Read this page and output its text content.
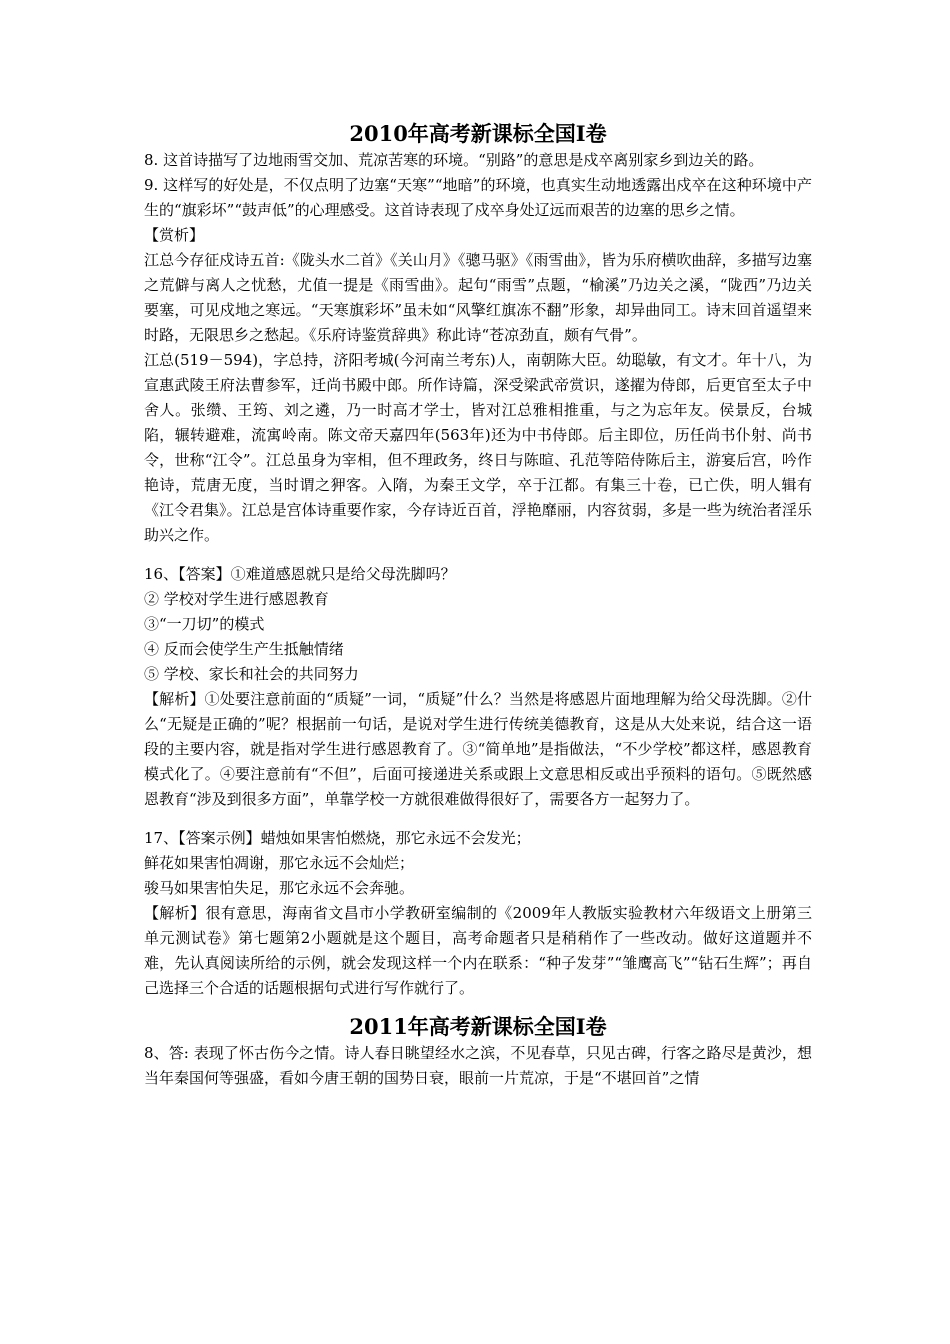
2010年高考新课标全国I卷

8. 这首诗描写了边地雨雪交加、荒凉苦寒的环境。“别路”的意思是戍卒离别家乡到边关的路。

9. 这样写的好处是，不仅点明了边塞“天寒”“地暗”的环境，也真实生动地透露出戍卒在这种环境中产生的“旗彩坏”“鼓声低”的心理感受。这首诗表现了戍卒身处辽远而艰苦的边塞的思乡之情。

【赏析】

江总今存征戍诗五首:《陇头水二首》《关山月》《骢马驱》《雨雪曲》，皆为乐府横吹曲辞，多描写边塞之荒僻与离人之忧愁，尤值一提是《雨雪曲》。起句“雨雪”点题，“榆溪”乃边关之溪，“陇西”乃边关要塞，可见戍地之寒远。“天寒旗彩坏”虽未如“风擎红旗冻不翻”形象，却异曲同工。诗末回首遥望来时路，无限思乡之愁起。《乐府诗鉴赏辞典》称此诗“苍凉劲直，颇有气骨”。

江总(519－594)，字总持，济阳考城(今河南兰考东)人，南朝陈大臣。幼聪敏，有文才。年十八，为宣惠武陵王府法曹参军，迁尚书殿中郎。所作诗篇，深受梁武帝赏识，遂擢为侍郎，后更官至太子中舍人。张缵、王筠、刘之遴，乃一时高才学士，皆对江总雅相推重，与之为忘年友。侯景反，台城陷，辗转避难，流寓岭南。陈文帝天嘉四年(563年)还为中书侍郎。后主即位，历任尚书仆射、尚书令，世称“江令”。江总虽身为宰相，但不理政务，终日与陈暄、孔范等陪侍陈后主，游宴后宫，吟作艳诗，荒唐无度，当时谓之狎客。入隋，为秦王文学，卒于江都。有集三十卷，已亡佚，明人辑有《江令君集》。江总是宫体诗重要作家，今存诗近百首，浮艳靡丽，内容贫弱，多是一些为统治者淫乐助兴之作。

16、【答案】①难道感恩就只是给父母洗脚吗？

② 学校对学生进行感恩教育

③“一刀切”的模式

④ 反而会使学生产生抵触情绪

⑤ 学校、家长和社会的共同努力

【解析】①处要注意前面的“质疑”一词，“质疑”什么？当然是将感恩片面地理解为给父母洗脚。②什么“无疑是正确的”呢？根据前一句话，是说对学生进行传统美德教育，这是从大处来说，结合这一语段的主要内容，就是指对学生进行感恩教育了。③“简单地”是指做法，“不少学校”都这样，感恩教育模式化了。④要注意前有“不但”，后面可接递进关系或跟上文意思相反或出乎预料的语句。⑤既然感恩教育“涉及到很多方面”，单靠学校一方就很难做得很好了，需要各方一起努力了。

17、【答案示例】蜡烛如果害怕燃烧，那它永远不会发光；

鲜花如果害怕凋谢，那它永远不会灿烂；

骏马如果害怕失足，那它永远不会奔驰。

【解析】很有意思，海南省文昌市小学教研室编制的《2009年人教版实验教材六年级语文上册第三单元测试卷》第七题第2小题就是这个题目，高考命题者只是稍稍作了一些改动。做好这道题并不难，先认真阅读所给的示例，就会发现这样一个内在联系：“种子发芽”“雏鹰高飞”“钻石生辉”；再自己选择三个合适的话题根据句式进行写作就行了。

2011年高考新课标全国I卷

8、答: 表现了怀古伤今之情。诗人春日眺望经水之滨，不见春草，只见古碑，行客之路尽是黄沙，想当年秦国何等强盛，看如今唐王朝的国势日衰，眼前一片荒凉，于是“不堪回首”之情
